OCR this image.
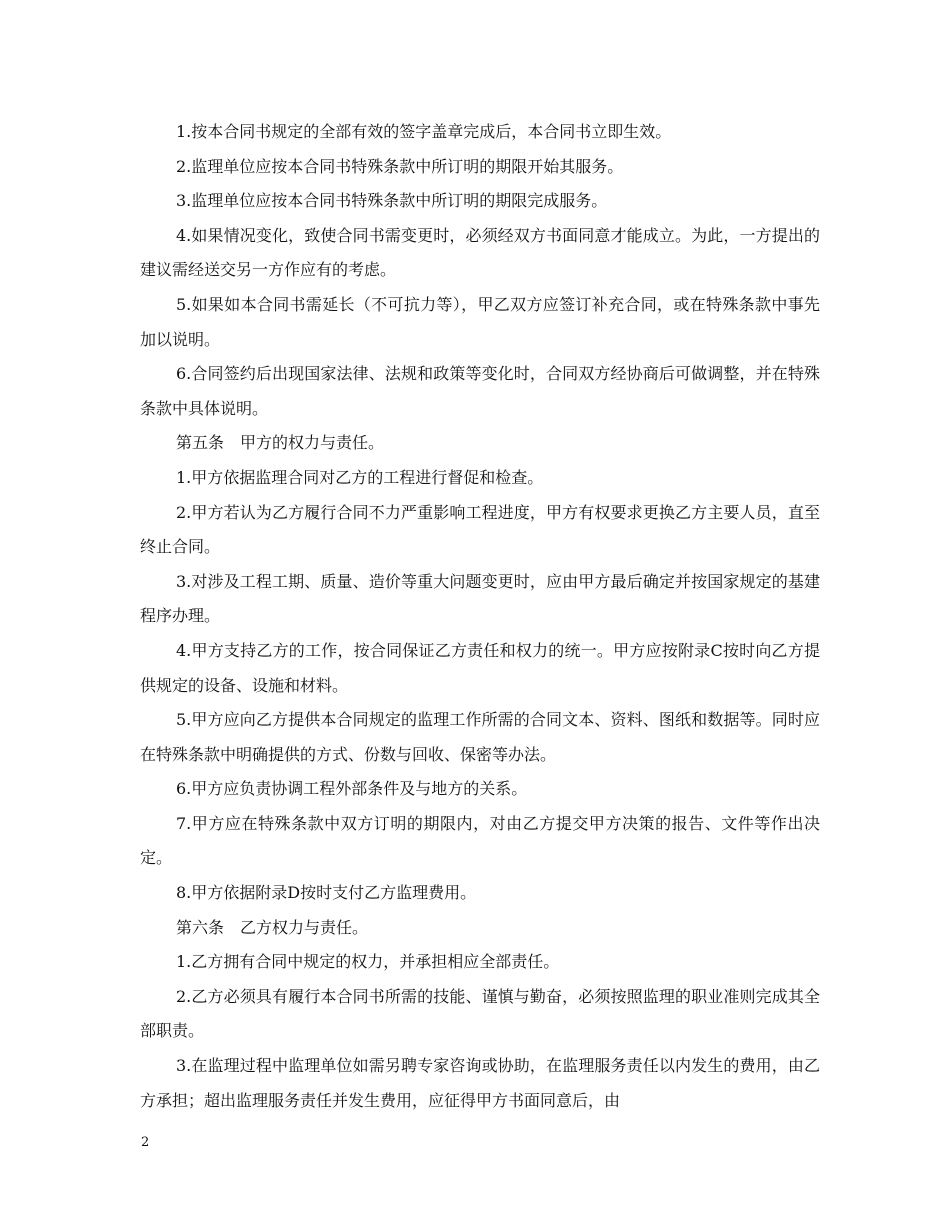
1.按本合同书规定的全部有效的签字盖章完成后，本合同书立即生效。

2.监理单位应按本合同书特殊条款中所订明的期限开始其服务。

3.监理单位应按本合同书特殊条款中所订明的期限完成服务。

4.如果情况变化，致使合同书需变更时，必须经双方书面同意才能成立。为此，一方提出的建议需经送交另一方作应有的考虑。

5.如果如本合同书需延长（不可抗力等），甲乙双方应签订补充合同，或在特殊条款中事先加以说明。

6.合同签约后出现国家法律、法规和政策等变化时，合同双方经协商后可做调整，并在特殊条款中具体说明。

第五条　甲方的权力与责任。

1.甲方依据监理合同对乙方的工程进行督促和检查。

2.甲方若认为乙方履行合同不力严重影响工程进度，甲方有权要求更换乙方主要人员，直至终止合同。

3.对涉及工程工期、质量、造价等重大问题变更时，应由甲方最后确定并按国家规定的基建程序办理。

4.甲方支持乙方的工作，按合同保证乙方责任和权力的统一。甲方应按附录C按时向乙方提供规定的设备、设施和材料。

5.甲方应向乙方提供本合同规定的监理工作所需的合同文本、资料、图纸和数据等。同时应在特殊条款中明确提供的方式、份数与回收、保密等办法。

6.甲方应负责协调工程外部条件及与地方的关系。

7.甲方应在特殊条款中双方订明的期限内，对由乙方提交甲方决策的报告、文件等作出决定。

8.甲方依据附录D按时支付乙方监理费用。

第六条　乙方权力与责任。

1.乙方拥有合同中规定的权力，并承担相应全部责任。

2.乙方必须具有履行本合同书所需的技能、谨慎与勤奋，必须按照监理的职业准则完成其全部职责。

3.在监理过程中监理单位如需另聘专家咨询或协助，在监理服务责任以内发生的费用，由乙方承担；超出监理服务责任并发生费用，应征得甲方书面同意后，由

2
